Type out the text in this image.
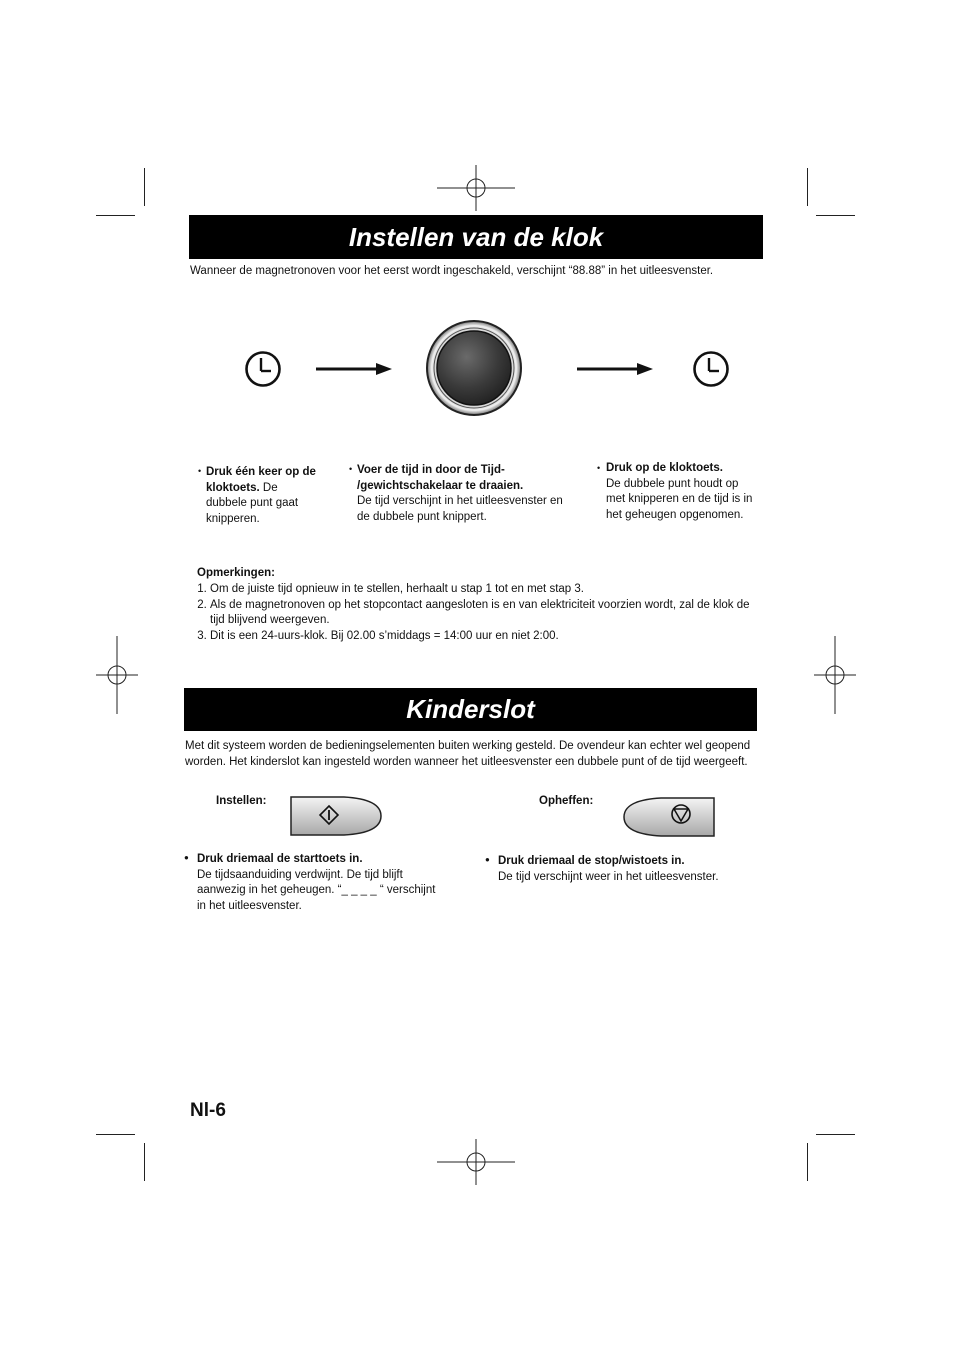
Instellen van de klok
Wanneer de magnetronoven voor het eerst wordt ingeschakeld, verschijnt “88.88” in het uitleesvenster.
• Druk één keer op de kloktoets. De dubbele punt gaat knipperen.
• Voer de tijd in door de Tijd- /gewichtschakelaar te draaien.
De tijd verschijnt in het uitleesvenster en de dubbele punt knippert.
• Druk op de kloktoets.
De dubbele punt houdt op met knipperen en de tijd is in het geheugen opgenomen.
Opmerkingen:
1. Om de juiste tijd opnieuw in te stellen, herhaalt u stap 1 tot en met stap 3.
2. Als de magnetronoven op het stopcontact aangesloten is en van elektriciteit voorzien wordt, zal de klok de tijd blijvend weergeven.
3. Dit is een 24-uurs-klok. Bij 02.00 s’middags = 14:00 uur en niet 2:00.
Kinderslot
Met dit systeem worden de bedieningselementen buiten werking gesteld. De ovendeur kan echter wel geopend worden. Het kinderslot kan ingesteld worden wanneer het uitleesvenster een dubbele punt of de tijd weergeeft.
Instellen:	Opheffen:
● Druk driemaal de starttoets in.
De tijdsaanduiding verdwijnt. De tijd blijft aanwezig in het geheugen. “_ _ _ _ “ verschijnt in het uitleesvenster.
● Druk driemaal de stop/wistoets in.
De tijd verschijnt weer in het uitleesvenster.
Nl-6
